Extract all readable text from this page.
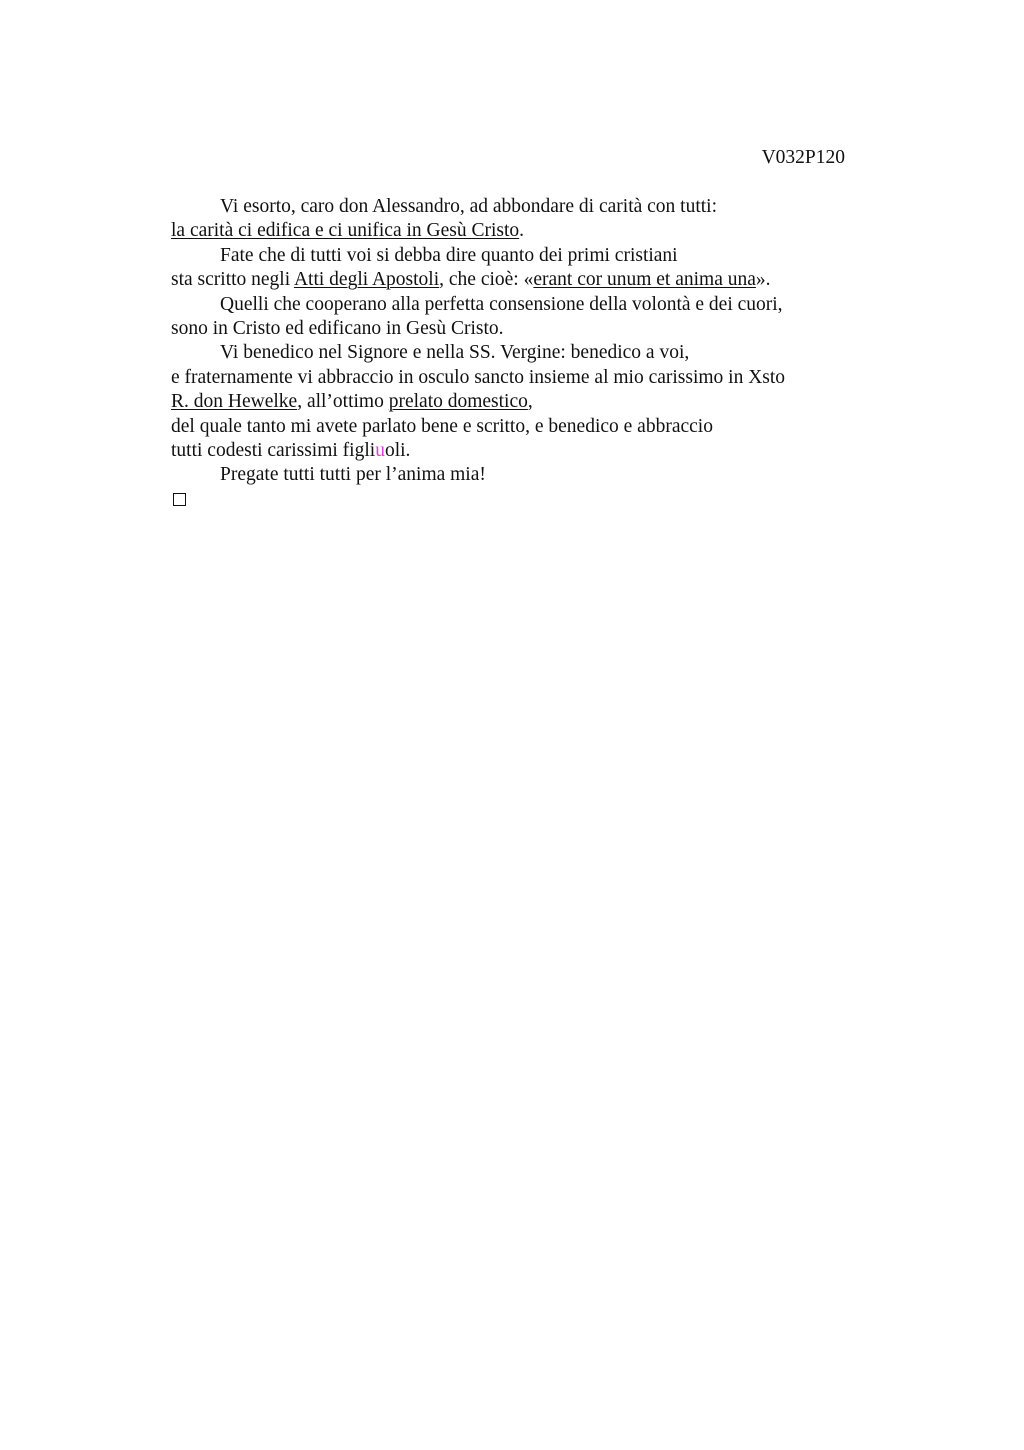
V032P120
Vi esorto, caro don Alessandro, ad abbondare di carità con tutti:
la carità ci edifica e ci unifica in Gesù Cristo.
Fate che di tutti voi si debba dire quanto dei primi cristiani
sta scritto negli Atti degli Apostoli, che cioè: «erant cor unum et anima una».
Quelli che cooperano alla perfetta consensione della volontà e dei cuori,
sono in Cristo ed edificano in Gesù Cristo.
Vi benedico nel Signore e nella SS. Vergine: benedico a voi,
e fraternamente vi abbraccio in osculo sancto insieme al mio carissimo in Xsto
R. don Hewelke, all’ottimo prelato domestico,
del quale tanto mi avete parlato bene e scritto, e benedico e abbraccio
tutti codesti carissimi figliuoli.
Pregate tutti tutti per l’anima mia!
